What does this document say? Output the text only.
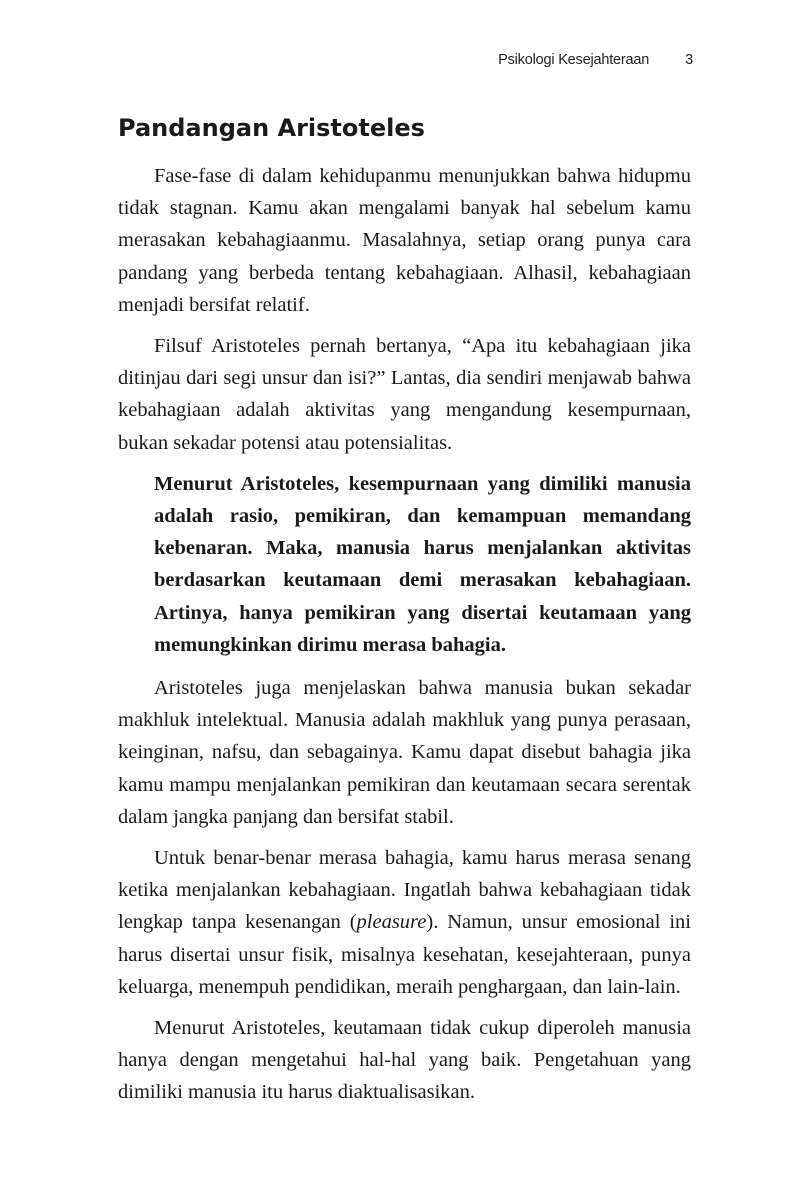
Psikologi Kesejahteraan 3
Pandangan Aristoteles

Fase-fase di dalam kehidupanmu menunjukkan bahwa hidupmu tidak stagnan. Kamu akan mengalami banyak hal sebelum kamu merasakan kebahagiaanmu. Masalahnya, setiap orang punya cara pandang yang berbeda tentang kebahagiaan. Alhasil, kebahagiaan menjadi bersifat relatif.

Filsuf Aristoteles pernah bertanya, “Apa itu kebahagiaan jika ditinjau dari segi unsur dan isi?” Lantas, dia sendiri menjawab bahwa kebahagiaan adalah aktivitas yang mengandung kesempurnaan, bukan sekadar potensi atau potensialitas.

Menurut Aristoteles, kesempurnaan yang dimiliki manusia adalah rasio, pemikiran, dan kemampuan memandang kebenaran. Maka, manusia harus menjalankan aktivitas berdasarkan keutamaan demi merasakan kebahagiaan. Artinya, hanya pemikiran yang disertai keutamaan yang memungkinkan dirimu merasa bahagia.

Aristoteles juga menjelaskan bahwa manusia bukan sekadar makhluk intelektual. Manusia adalah makhluk yang punya perasaan, keinginan, nafsu, dan sebagainya. Kamu dapat disebut bahagia jika kamu mampu menjalankan pemikiran dan keutamaan secara serentak dalam jangka panjang dan bersifat stabil.

Untuk benar-benar merasa bahagia, kamu harus merasa senang ketika menjalankan kebahagiaan. Ingatlah bahwa kebahagiaan tidak lengkap tanpa kesenangan (pleasure). Namun, unsur emosional ini harus disertai unsur fisik, misalnya kesehatan, kesejahteraan, punya keluarga, menempuh pendidikan, meraih penghargaan, dan lain-lain.

Menurut Aristoteles, keutamaan tidak cukup diperoleh manusia hanya dengan mengetahui hal-hal yang baik. Pengetahuan yang dimiliki manusia itu harus diaktualisasikan.
